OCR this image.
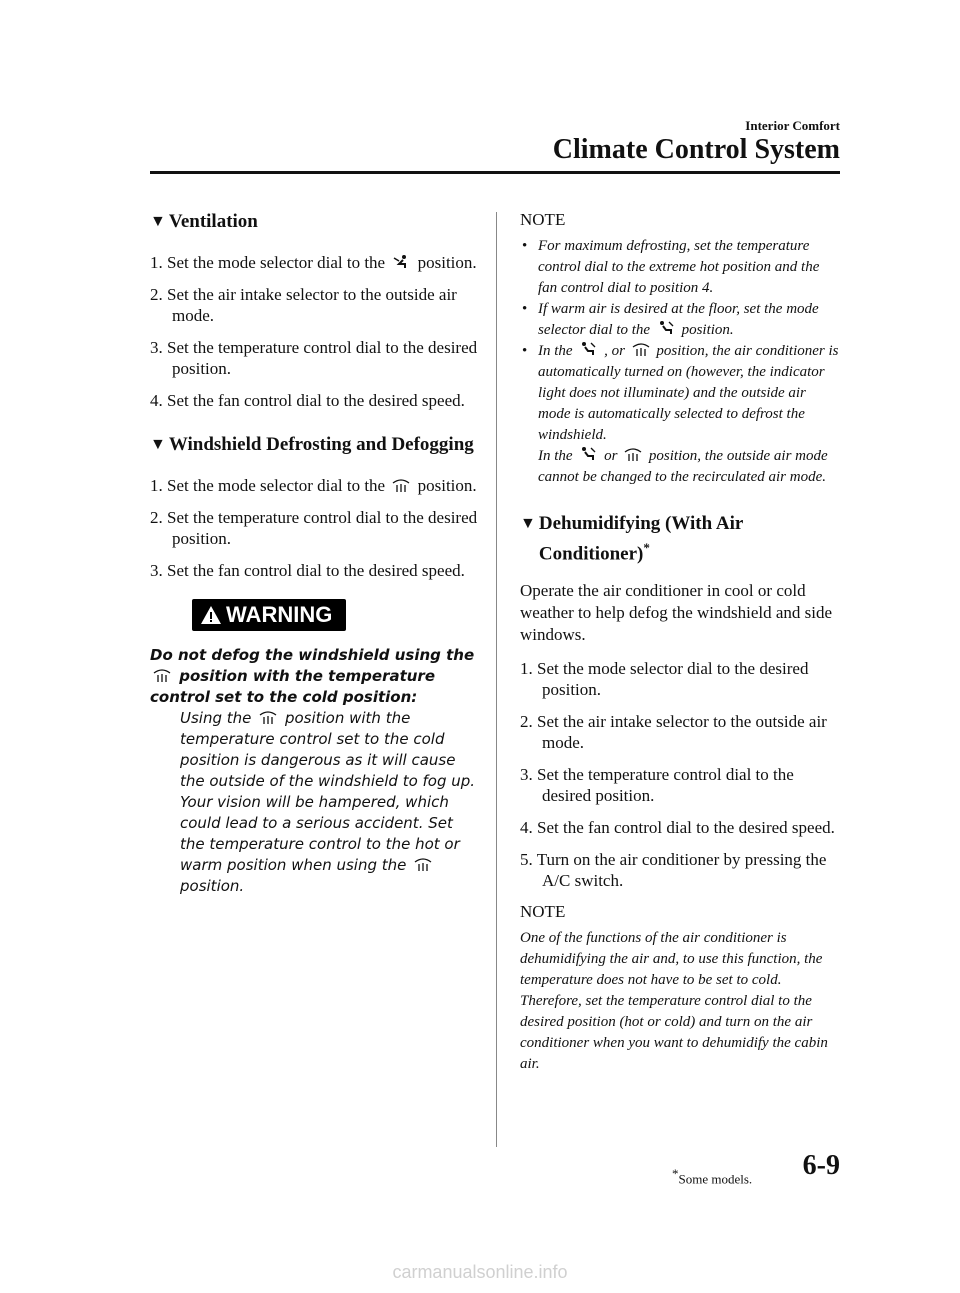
Interior Comfort
Climate Control System
▼ Ventilation
1. Set the mode selector dial to the position.
2. Set the air intake selector to the outside air mode.
3. Set the temperature control dial to the desired position.
4. Set the fan control dial to the desired speed.
▼ Windshield Defrosting and Defogging
1. Set the mode selector dial to the position.
2. Set the temperature control dial to the desired position.
3. Set the fan control dial to the desired speed.
WARNING
Do not defog the windshield using the
position with the temperature control set to the cold position:
Using the position with the temperature control set to the cold position is dangerous as it will cause the outside of the windshield to fog up. Your vision will be hampered, which could lead to a serious accident. Set the temperature control to the hot or warm position when using the  position.
NOTE
• For maximum defrosting, set the temperature control dial to the extreme hot position and the fan control dial to position 4.
• If warm air is desired at the floor, set the mode selector dial to the position.
• In the , or position, the air conditioner is automatically turned on (however, the indicator light does not illuminate) and the outside air mode is automatically selected to defrost the windshield.
In the or position, the outside air mode cannot be changed to the recirculated air mode.
▼ Dehumidifying (With Air Conditioner)*

Operate the air conditioner in cool or cold weather to help defog the windshield and side windows.

1. Set the mode selector dial to the desired position.
2. Set the air intake selector to the outside air mode.
3. Set the temperature control dial to the desired position.
4. Set the fan control dial to the desired speed.
5. Turn on the air conditioner by pressing the A/C switch.
NOTE
One of the functions of the air conditioner is dehumidifying the air and, to use this function, the temperature does not have to be set to cold. Therefore, set the temperature control dial to the desired position (hot or cold) and turn on the air conditioner when you want to dehumidify the cabin air.
*Some models. 6-9
carmanualsonline.info
